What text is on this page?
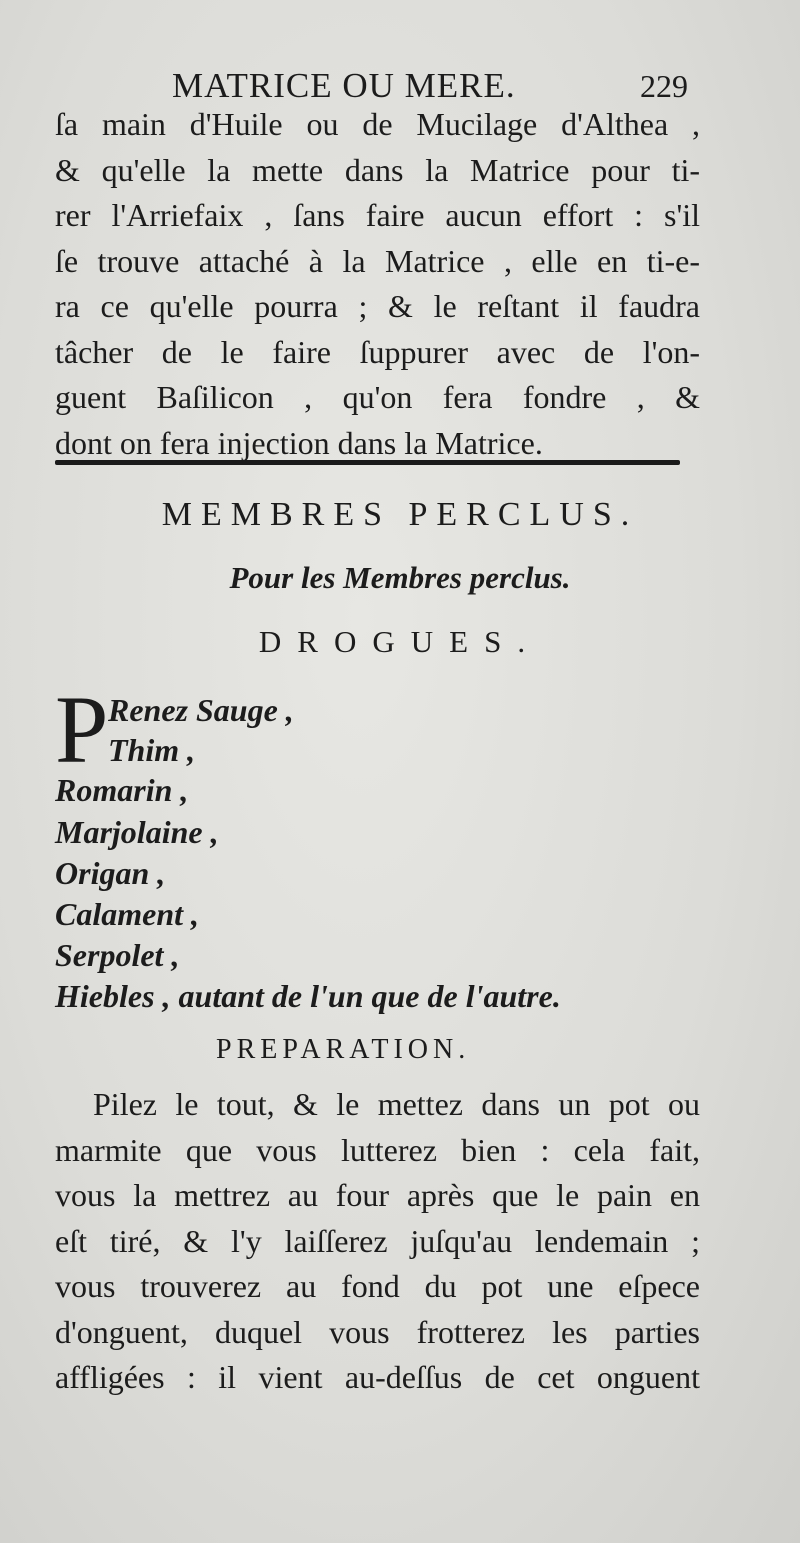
MATRICE OU MERE.	229
ſa main d'Huile ou de Mucilage d'Althea ,
& qu'elle la mette dans la Matrice pour ti-
rer l'Arriefaix , ſans faire aucun effort : s'il
ſe trouve attaché à la Matrice , elle en ti-e-
ra ce qu'elle pourra ; & le reſtant il faudra
tâcher de le faire ſuppurer avec de l'on-
guent Baſilicon , qu'on fera fondre , &
dont on fera injection dans la Matrice.
MEMBRES PERCLUS.
Pour les Membres perclus.
DROGUES.
P Renez Sauge ,
Thim ,
Romarin ,
Marjolaine ,
Origan ,
Calament ,
Serpolet ,
Hiebles , autant de l'un que de l'autre.
PREPARATION.
Pilez le tout, & le mettez dans un pot ou
marmite que vous lutterez bien : cela fait,
vous la mettrez au four après que le pain en
eſt tiré, & l'y laiſſerez juſqu'au lendemain ;
vous trouverez au fond du pot une eſpece
d'onguent, duquel vous frotterez les parties
affligées : il vient au-deſſus de cet onguent
